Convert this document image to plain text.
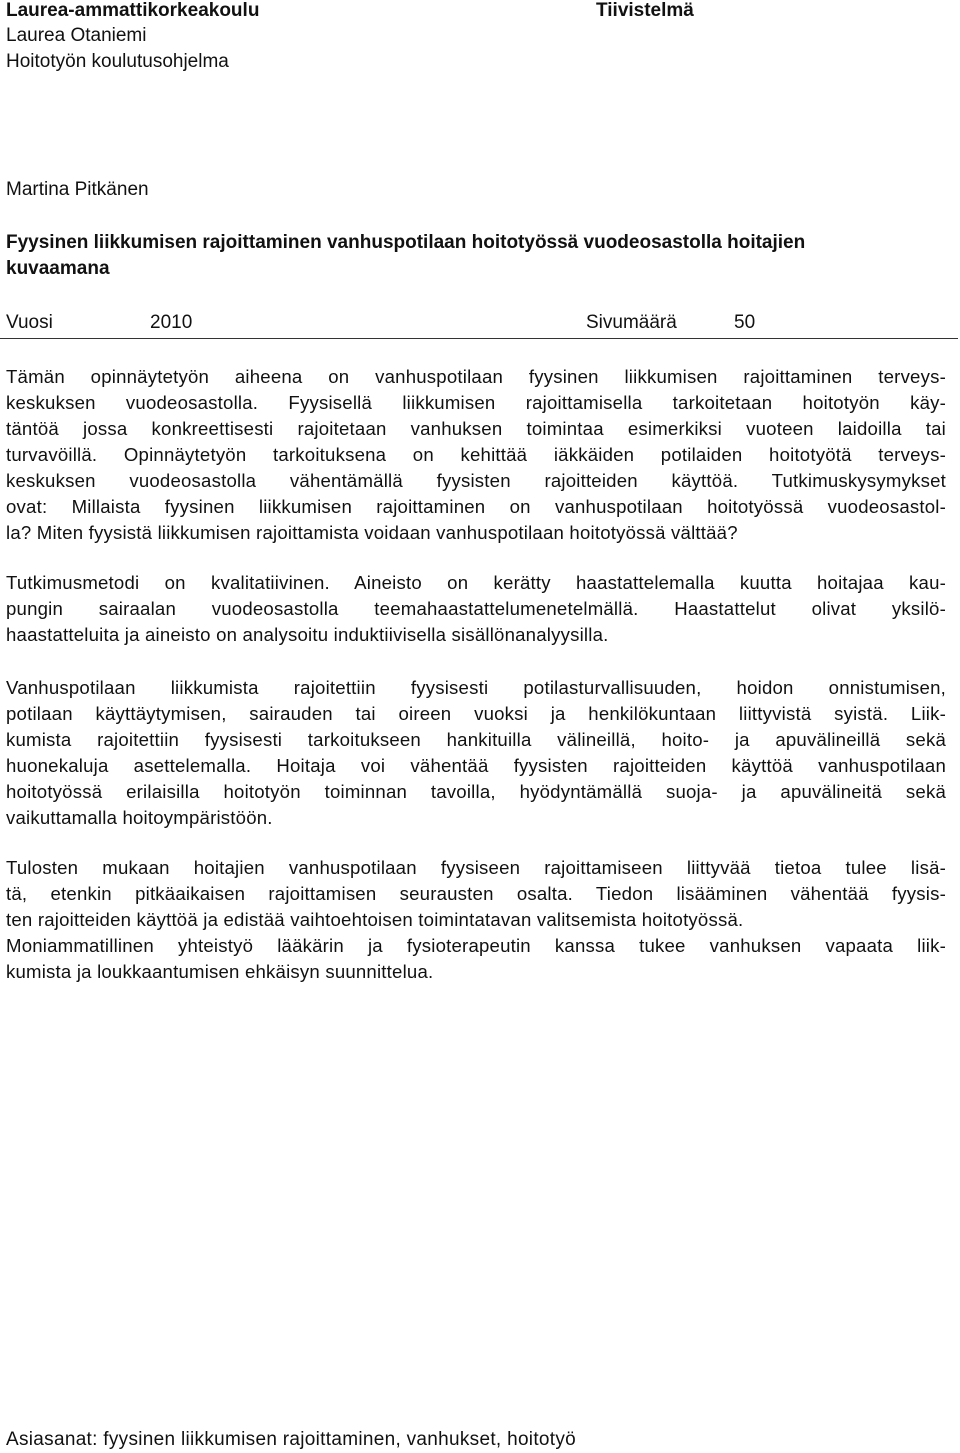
Laurea-ammattikorkeakoulu	Tiivistelmä
Laurea Otaniemi
Hoitotyön koulutusohjelma
Martina Pitkänen
Fyysinen liikkumisen rajoittaminen vanhuspotilaan hoitotyössä vuodeosastolla hoitajien
kuvaamana
Vuosi	2010	Sivumäärä	50
Tämän opinnäytetyön aiheena on vanhuspotilaan fyysinen liikkumisen rajoittaminen terveys-
keskuksen vuodeosastolla. Fyysisellä liikkumisen rajoittamisella tarkoitetaan hoitotyön käy-
täntöä jossa konkreettisesti rajoitetaan vanhuksen toimintaa esimerkiksi vuoteen laidoilla tai
turvavöillä. Opinnäytetyön tarkoituksena on kehittää iäkkäiden potilaiden hoitotyötä terveys-
keskuksen vuodeosastolla vähentämällä fyysisten rajoitteiden käyttöä. Tutkimuskysymykset
ovat: Millaista fyysinen liikkumisen rajoittaminen on vanhuspotilaan hoitotyössä vuodeosastol-
la? Miten fyysistä liikkumisen rajoittamista voidaan vanhuspotilaan hoitotyössä välttää?
Tutkimusmetodi on kvalitatiivinen. Aineisto on kerätty haastattelemalla kuutta hoitajaa kau-
pungin sairaalan vuodeosastolla teemahaastattelumenetelmällä. Haastattelut olivat yksilö-
haastatteluita ja aineisto on analysoitu induktiivisella sisällönanalyysilla.
Vanhuspotilaan liikkumista rajoitettiin fyysisesti potilasturvallisuuden, hoidon onnistumisen,
potilaan käyttäytymisen, sairauden tai oireen vuoksi ja henkilökuntaan liittyvistä syistä. Liik-
kumista rajoitettiin fyysisesti tarkoitukseen hankituilla välineillä, hoito- ja apuvälineillä sekä
huonekaluja asettelemalla. Hoitaja voi vähentää fyysisten rajoitteiden käyttöä vanhuspotilaan
hoitotyössä erilaisilla hoitotyön toiminnan tavoilla, hyödyntämällä suoja- ja apuvälineitä sekä
vaikuttamalla hoitoympäristöön.
Tulosten mukaan hoitajien vanhuspotilaan fyysiseen rajoittamiseen liittyvää tietoa tulee lisä-
tä, etenkin pitkäaikaisen rajoittamisen seurausten osalta. Tiedon lisääminen vähentää fyysis-
ten rajoitteiden käyttöä ja edistää vaihtoehtoisen toimintatavan valitsemista hoitotyössä.
Moniammatillinen yhteistyö lääkärin ja fysioterapeutin kanssa tukee vanhuksen vapaata liik-
kumista ja loukkaantumisen ehkäisyn suunnittelua.
Asiasanat: fyysinen liikkumisen rajoittaminen, vanhukset, hoitotyö
